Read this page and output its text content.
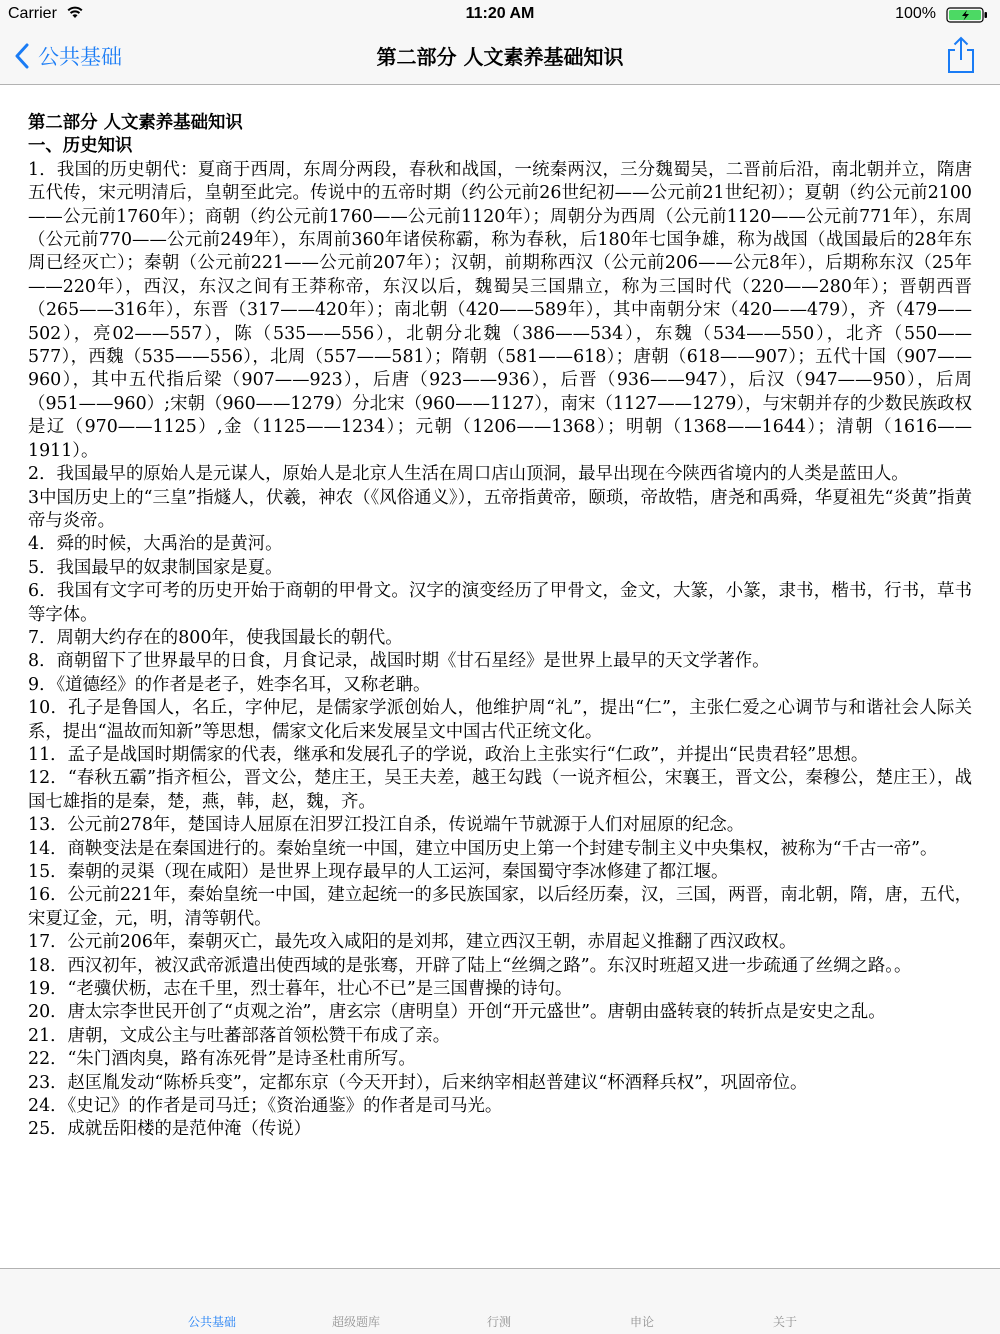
Carrier	11:20 AM	100%
公共基础	第二部分 人文素养基础知识

第二部分 人文素养基础知识

一、历史知识

1．我国的历史朝代：夏商于西周，东周分两段，春秋和战国，一统秦两汉，三分魏蜀吴，二晋前后沿，南北朝并立，隋唐五代传，宋元明清后，皇朝至此完。传说中的五帝时期（约公元前26世纪初——公元前21世纪初）；夏朝（约公元前2100——公元前1760年）；商朝（约公元前1760——公元前1120年）；周朝分为西周（公元前1120——公元前771年），东周（公元前770——公元前249年），东周前360年诸侯称霸，称为春秋，后180年七国争雄，称为战国（战国最后的28年东周已经灭亡）；秦朝（公元前221——公元前207年）；汉朝，前期称西汉（公元前206——公元8年），后期称东汉（25年——220年），西汉，东汉之间有王莽称帝，东汉以后，魏蜀吴三国鼎立，称为三国时代（220——280年）；晋朝西晋（265——316年），东晋（317——420年）；南北朝（420——589年），其中南朝分宋（420——479），齐（479——502），亮02——557），陈（535——556），北朝分北魏（386——534），东魏（534——550），北齐（550——577），西魏（535——556），北周（557——581）；隋朝（581——618）；唐朝（618——907）；五代十国（907——960），其中五代指后梁（907——923），后唐（923——936），后晋（936——947），后汉（947——950），后周（951——960）;宋朝（960——1279）分北宋（960——1127），南宋（1127——1279），与宋朝并存的少数民族政权是辽（970——1125）,金（1125——1234）；元朝（1206——1368）；明朝（1368——1644）；清朝（1616——1911）。

2．我国最早的原始人是元谋人，原始人是北京人生活在周口店山顶洞，最早出现在今陕西省境内的人类是蓝田人。

3中国历史上的“三皇”指燧人，伏羲，神农（《风俗通义》），五帝指黄帝，颐琐，帝故牿，唐尧和禹舜，华夏祖先“炎黄”指黄帝与炎帝。

4．舜的时候，大禹治的是黄河。

5．我国最早的奴隶制国家是夏。

6．我国有文字可考的历史开始于商朝的甲骨文。汉字的演变经历了甲骨文，金文，大篆，小篆，隶书，楷书，行书，草书等字体。

7．周朝大约存在的800年，使我国最长的朝代。

8．商朝留下了世界最早的日食，月食记录，战国时期《甘石星经》是世界上最早的天文学著作。

9．《道德经》的作者是老子，姓李名耳，又称老聃。

10．孔子是鲁国人，名丘，字仲尼，是儒家学派创始人，他维护周“礼”，提出“仁”，主张仁爱之心调节与和谐社会人际关系，提出“温故而知新”等思想，儒家文化后来发展呈文中国古代正统文化。

11．孟子是战国时期儒家的代表，继承和发展孔子的学说，政治上主张实行“仁政”，并提出“民贵君轻”思想。

12．“春秋五霸”指齐桓公，晋文公，楚庄王，吴王夫差，越王勾践（一说齐桓公，宋襄王，晋文公，秦穆公，楚庄王），战国七雄指的是秦，楚，燕，韩，赵，魏，齐。

13．公元前278年，楚国诗人屈原在汨罗江投江自杀，传说端午节就源于人们对屈原的纪念。

14．商鞅变法是在秦国进行的。秦始皇统一中国，建立中国历史上第一个封建专制主义中央集权，被称为“千古一帝”。

15．秦朝的灵渠（现在咸阳）是世界上现存最早的人工运河，秦国蜀守李冰修建了都江堰。

16．公元前221年，秦始皇统一中国，建立起统一的多民族国家，以后经历秦，汉，三国，两晋，南北朝，隋，唐，五代，宋夏辽金，元，明，清等朝代。

17．公元前206年，秦朝灭亡，最先攻入咸阳的是刘邦，建立西汉王朝，赤眉起义推翻了西汉政权。

18．西汉初年，被汉武帝派遣出使西域的是张骞，开辟了陆上“丝绸之路”。东汉时班超又进一步疏通了丝绸之路。。

19．“老骥伏枥，志在千里，烈士暮年，壮心不已”是三国曹操的诗句。

20．唐太宗李世民开创了“贞观之治”，唐玄宗（唐明皇）开创“开元盛世”。唐朝由盛转衰的转折点是安史之乱。

21．唐朝，文成公主与吐蕃部落首领松赞干布成了亲。

22．“朱门酒肉臭，路有冻死骨”是诗圣杜甫所写。

23．赵匡胤发动“陈桥兵变”，定都东京（今天开封），后来纳宰相赵普建议“杯酒释兵权”，巩固帝位。

24．《史记》的作者是司马迁；《资治通鉴》的作者是司马光。

25．成就岳阳楼的是范仲淹（传说）

公共基础	超级题库	行测	申论	关于
